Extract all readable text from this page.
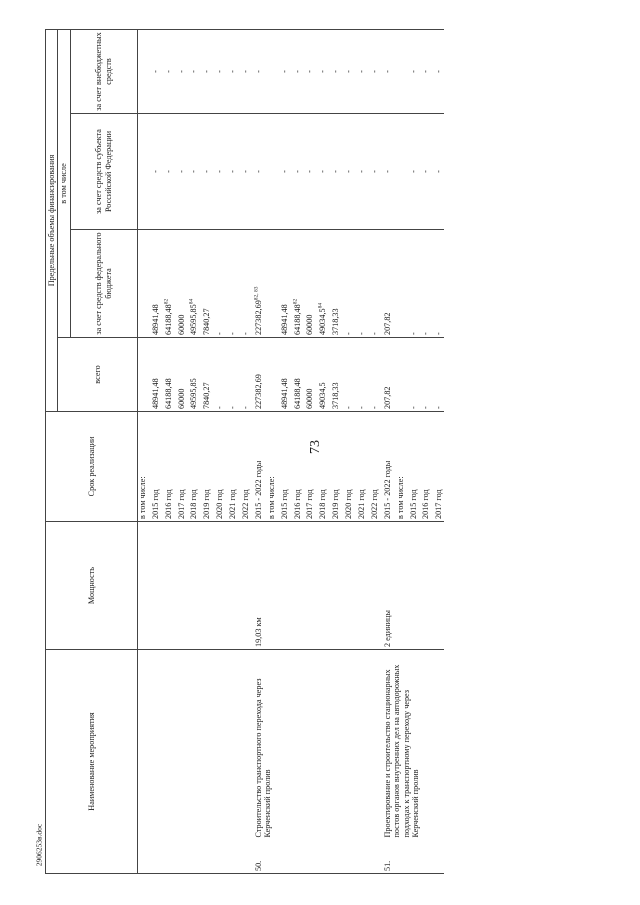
73
2906253в.doc
Наименование мероприятия		Мощность	Срок реализации	Предельные объемы финансирования			
				всего	в том числе		
					за счет средств федерального бюджета	за счет средств субъекта Российской Федерации	за счет внебюджетных средств
			в том числе:				
			2015 год	48941,48	48941,48	-	-
			2016 год	64188,48	64188,48$^{82}$	-	-
			2017 год	60000	60000	-	-
			2018 год	49595,85	49595,85$^{84}$	-	-
			2019 год	7840,27	7840,27	-	-
			2020 год	-	-	-	-
			2021 год	-	-	-	-
			2022 год	-	-	-	-
50.	Строительство транспортного перехода через Керченский пролив	19,03 км	2015 - 2022 годы	227382,69	227382,69$^{82, 83}$	-	-
			в том числе:				
			2015 год	48941,48	48941,48	-	-
			2016 год	64188,48	64188,48$^{82}$	-	-
			2017 год	60000	60000	-	-
			2018 год	49034,5	49034,5$^{84}$	-	-
			2019 год	3718,33	3718,33	-	-
			2020 год	-	-	-	-
			2021 год	-	-	-	-
			2022 год	-	-	-	-
51.	Проектирование и строительство стационарных постов органов внутренних дел на автодорожных подходах к транспортному переходу через Керченский пролив	2 единицы	2015 - 2022 годы	207,82	207,82	-	-
			в том числе:				
			2015 год	-	-	-	-
			2016 год	-	-	-	-
			2017 год	-	-	-	-
